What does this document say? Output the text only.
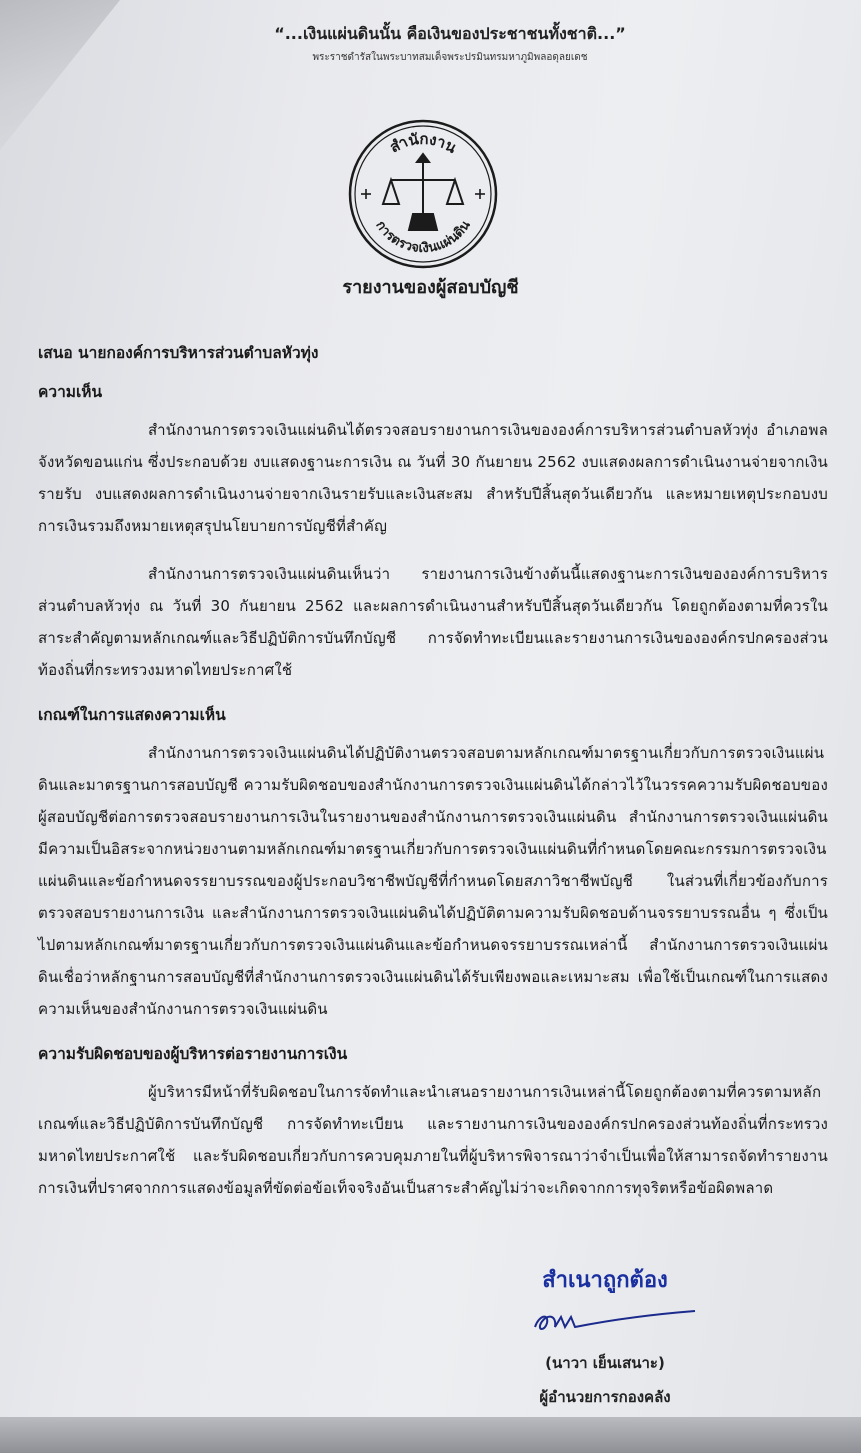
“...เงินแผ่นดินนั้น คือเงินของประชาชนทั้งชาติ...”
พระราชดำรัสในพระบาทสมเด็จพระปรมินทรมหาภูมิพลอดุลยเดช
สำนักงาน
การตรวจเงินแผ่นดิน
รายงานของผู้สอบบัญชี
เสนอ นายกองค์การบริหารส่วนตำบลหัวทุ่ง
ความเห็น

สำนักงานการตรวจเงินแผ่นดินได้ตรวจสอบรายงานการเงินขององค์การบริหารส่วนตำบลหัวทุ่ง อำเภอพล จังหวัดขอนแก่น ซึ่งประกอบด้วย งบแสดงฐานะการเงิน ณ วันที่ 30 กันยายน 2562 งบแสดงผลการดำเนินงานจ่ายจากเงินรายรับ งบแสดงผลการดำเนินงานจ่ายจากเงินรายรับและเงินสะสม สำหรับปีสิ้นสุดวันเดียวกัน และหมายเหตุประกอบงบการเงินรวมถึงหมายเหตุสรุปนโยบายการบัญชีที่สำคัญ

สำนักงานการตรวจเงินแผ่นดินเห็นว่า รายงานการเงินข้างต้นนี้แสดงฐานะการเงินขององค์การบริหารส่วนตำบลหัวทุ่ง ณ วันที่ 30 กันยายน 2562 และผลการดำเนินงานสำหรับปีสิ้นสุดวันเดียวกัน โดยถูกต้องตามที่ควรในสาระสำคัญตามหลักเกณฑ์และวิธีปฏิบัติการบันทึกบัญชี การจัดทำทะเบียนและรายงานการเงินขององค์กรปกครองส่วนท้องถิ่นที่กระทรวงมหาดไทยประกาศใช้

เกณฑ์ในการแสดงความเห็น

สำนักงานการตรวจเงินแผ่นดินได้ปฏิบัติงานตรวจสอบตามหลักเกณฑ์มาตรฐานเกี่ยวกับการตรวจเงินแผ่นดินและมาตรฐานการสอบบัญชี ความรับผิดชอบของสำนักงานการตรวจเงินแผ่นดินได้กล่าวไว้ในวรรคความรับผิดชอบของผู้สอบบัญชีต่อการตรวจสอบรายงานการเงินในรายงานของสำนักงานการตรวจเงินแผ่นดิน สำนักงานการตรวจเงินแผ่นดินมีความเป็นอิสระจากหน่วยงานตามหลักเกณฑ์มาตรฐานเกี่ยวกับการตรวจเงินแผ่นดินที่กำหนดโดยคณะกรรมการตรวจเงินแผ่นดินและข้อกำหนดจรรยาบรรณของผู้ประกอบวิชาชีพบัญชีที่กำหนดโดยสภาวิชาชีพบัญชี ในส่วนที่เกี่ยวข้องกับการตรวจสอบรายงานการเงิน และสำนักงานการตรวจเงินแผ่นดินได้ปฏิบัติตามความรับผิดชอบด้านจรรยาบรรณอื่น ๆ ซึ่งเป็นไปตามหลักเกณฑ์มาตรฐานเกี่ยวกับการตรวจเงินแผ่นดินและข้อกำหนดจรรยาบรรณเหล่านี้ สำนักงานการตรวจเงินแผ่นดินเชื่อว่าหลักฐานการสอบบัญชีที่สำนักงานการตรวจเงินแผ่นดินได้รับเพียงพอและเหมาะสม เพื่อใช้เป็นเกณฑ์ในการแสดงความเห็นของสำนักงานการตรวจเงินแผ่นดิน

ความรับผิดชอบของผู้บริหารต่อรายงานการเงิน

ผู้บริหารมีหน้าที่รับผิดชอบในการจัดทำและนำเสนอรายงานการเงินเหล่านี้โดยถูกต้องตามที่ควรตามหลักเกณฑ์และวิธีปฏิบัติการบันทึกบัญชี การจัดทำทะเบียน และรายงานการเงินขององค์กรปกครองส่วนท้องถิ่นที่กระทรวงมหาดไทยประกาศใช้ และรับผิดชอบเกี่ยวกับการควบคุมภายในที่ผู้บริหารพิจารณาว่าจำเป็นเพื่อให้สามารถจัดทำรายงานการเงินที่ปราศจากการแสดงข้อมูลที่ขัดต่อข้อเท็จจริงอันเป็นสาระสำคัญไม่ว่าจะเกิดจากการทุจริตหรือข้อผิดพลาด

สำเนาถูกต้อง
(นาวา เย็นเสนาะ)
ผู้อำนวยการกองคลัง
